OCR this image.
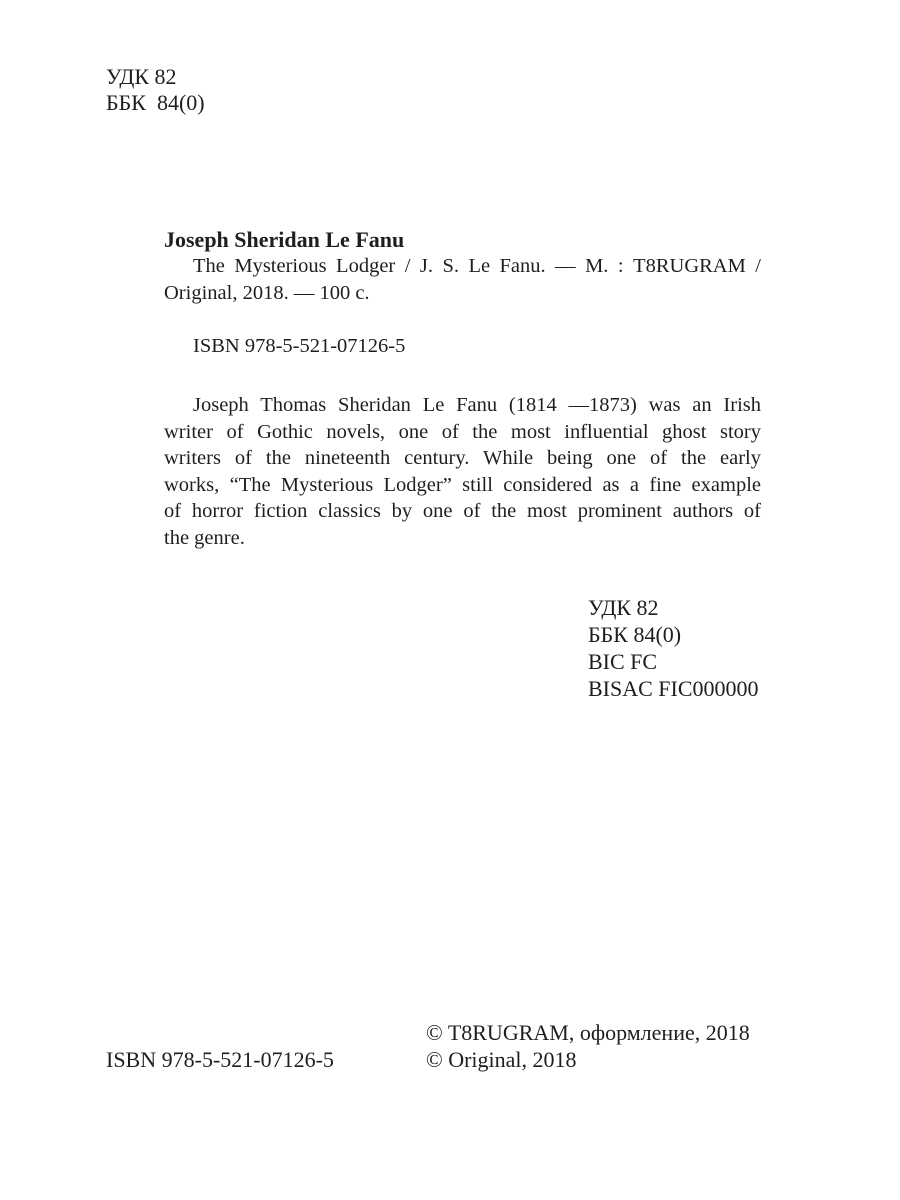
УДК 82
ББК  84(0)
Joseph Sheridan Le Fanu
The Mysterious Lodger / J. S. Le Fanu. — М. : T8RUGRAM /
Original, 2018. — 100 с.
ISBN 978-5-521-07126-5
Joseph Thomas Sheridan Le Fanu (1814 —1873) was an Irish
writer of Gothic novels, one of the most influential ghost story
writers of the nineteenth century. While being one of the early
works, “The Mysterious Lodger” still considered as a fine example
of horror fiction classics by one of the most prominent authors of
the genre.
УДК 82
ББК 84(0)
BIC FC
BISAC FIC000000
ISBN 978-5-521-07126-5
© T8RUGRAM, оформление, 2018
© Original, 2018
